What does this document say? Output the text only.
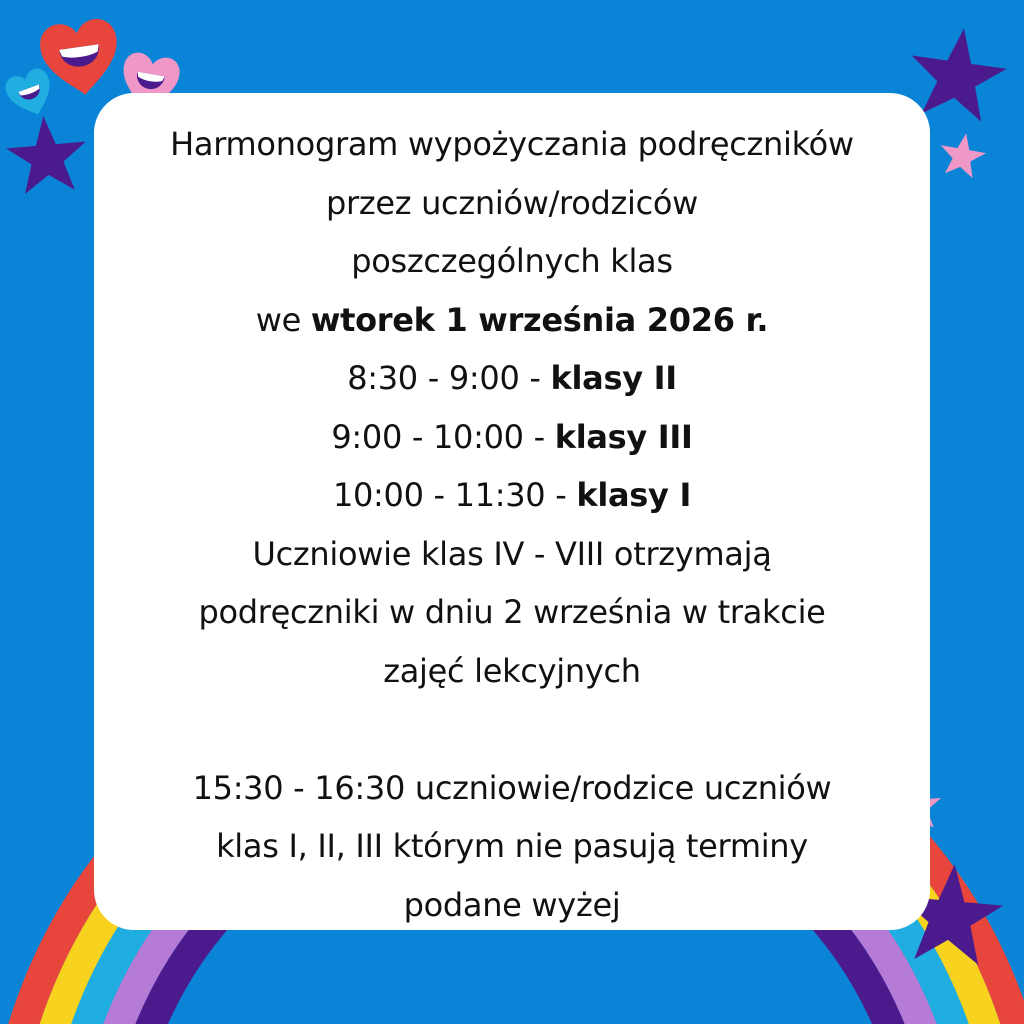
Harmonogram wypożyczania podręczników
przez uczniów/rodziców
poszczególnych klas
we wtorek 1 września 2026 r.
8:30 - 9:00 - klasy II
9:00 - 10:00 - klasy III
10:00 - 11:30 - klasy I
Uczniowie klas IV - VIII otrzymają
podręczniki w dniu 2 września w trakcie
zajęć lekcyjnych
15:30 - 16:30 uczniowie/rodzice uczniów
klas I, II, III którym nie pasują terminy
podane wyżej
